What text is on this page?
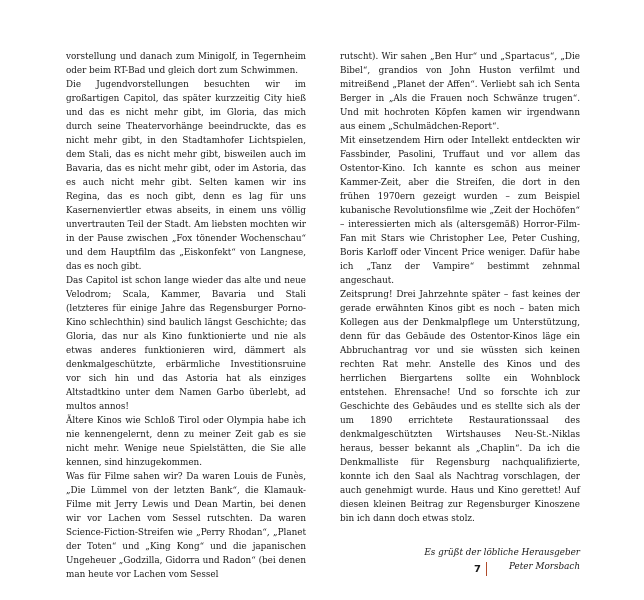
vorstellung und danach zum Minigolf, in Tegernheim oder beim RT-Bad und gleich dort zum Schwimmen.

Die Jugendvorstellungen besuchten wir im großartigen Capitol, das später kurzzeitig City hieß und das es nicht mehr gibt, im Gloria, das mich durch seine Theatervorhänge beeindruckte, das es nicht mehr gibt, in den Stadtamhofer Lichtspielen, dem Stali, das es nicht mehr gibt, bisweilen auch im Bavaria, das es nicht mehr gibt, oder im Astoria, das es auch nicht mehr gibt. Selten kamen wir ins Regina, das es noch gibt, denn es lag für uns Kasernenviertler etwas abseits, in einem uns völlig unvertrauten Teil der Stadt. Am liebsten mochten wir in der Pause zwischen „Fox tönender Wochenschau“ und dem Hauptfilm das „Eiskonfekt“ von Langnese, das es noch gibt.

Das Capitol ist schon lange wieder das alte und neue Velodrom; Scala, Kammer, Bavaria und Stali (letzteres für einige Jahre das Regensburger Porno-Kino schlechthin) sind baulich längst Geschichte; das Gloria, das nur als Kino funktionierte und nie als etwas anderes funktionieren wird, dämmert als denkmalgeschützte, erbärmliche Investitionsruine vor sich hin und das Astoria hat als einziges Altstadtkino unter dem Namen Garbo überlebt, ad multos annos!

Ältere Kinos wie Schloß Tirol oder Olympia habe ich nie kennengelernt, denn zu meiner Zeit gab es sie nicht mehr. Wenige neue Spielstätten, die Sie alle kennen, sind hinzugekommen.

Was für Filme sahen wir? Da waren Louis de Funès, „Die Lümmel von der letzten Bank“, die Klamauk-Filme mit Jerry Lewis und Dean Martin, bei denen wir vor Lachen vom Sessel rutschten. Da waren Science-Fiction-Streifen wie „Perry Rhodan“, „Planet der Toten“ und „King Kong“ und die japanischen Ungeheuer „Godzilla, Gidorra und Radon“ (bei denen man heute vor Lachen vom Sessel

rutscht). Wir sahen „Ben Hur“ und „Spartacus“, „Die Bibel“, grandios von John Huston verfilmt und mitreißend „Planet der Affen“. Verliebt sah ich Senta Berger in „Als die Frauen noch Schwänze trugen“. Und mit hochroten Köpfen kamen wir irgendwann aus einem „Schulmädchen-Report“.

Mit einsetzendem Hirn oder Intellekt entdeckten wir Fassbinder, Pasolini, Truffaut und vor allem das Ostentor-Kino. Ich kannte es schon aus meiner Kammer-Zeit, aber die Streifen, die dort in den frühen 1970ern gezeigt wurden – zum Beispiel kubanische Revolutionsfilme wie „Zeit der Hochöfen“ – interessierten mich als (altersgemäß) Horror-Film-Fan mit Stars wie Christopher Lee, Peter Cushing, Boris Karloff oder Vincent Price weniger. Dafür habe ich „Tanz der Vampire“ bestimmt zehnmal angeschaut.

Zeitsprung! Drei Jahrzehnte später – fast keines der gerade erwähnten Kinos gibt es noch – baten mich Kollegen aus der Denkmalpflege um Unterstützung, denn für das Gebäude des Ostentor-Kinos läge ein Abbruchantrag vor und sie wüssten sich keinen rechten Rat mehr. Anstelle des Kinos und des herrlichen Biergartens sollte ein Wohnblock entstehen. Ehrensache! Und so forschte ich zur Geschichte des Gebäudes und es stellte sich als der um 1890 errichtete Restaurationssaal des denkmalgeschützten Wirtshauses Neu-St.-Niklas heraus, besser bekannt als „Chaplin“. Da ich die Denkmalliste für Regensburg nachqualifizierte, konnte ich den Saal als Nachtrag vorschlagen, der auch genehmigt wurde. Haus und Kino gerettet! Auf diesen kleinen Beitrag zur Regensburger Kinoszene bin ich dann doch etwas stolz.

Es grüßt der löbliche Herausgeber
Peter Morsbach
7
